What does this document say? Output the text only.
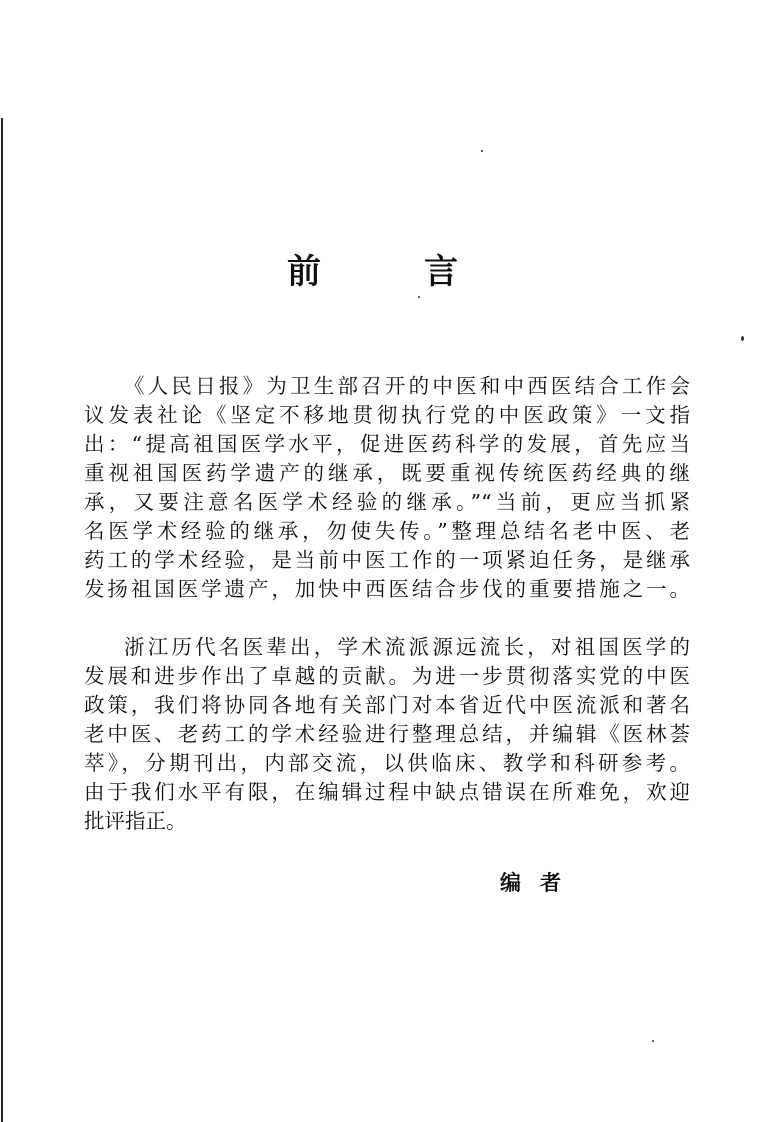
前	言
《人民日报》为卫生部召开的中医和中西医结合工作会
议发表社论《坚定不移地贯彻执行党的中医政策》一文指
出：“提高祖国医学水平，促进医药科学的发展，首先应当
重视祖国医药学遗产的继承，既要重视传统医药经典的继
承，又要注意名医学术经验的继承。”“当前，更应当抓紧
名医学术经验的继承，勿使失传。”整理总结名老中医、老
药工的学术经验，是当前中医工作的一项紧迫任务，是继承
发扬祖国医学遗产，加快中西医结合步伐的重要措施之一。
浙江历代名医辈出，学术流派源远流长，对祖国医学的
发展和进步作出了卓越的贡献。为进一步贯彻落实党的中医
政策，我们将协同各地有关部门对本省近代中医流派和著名
老中医、老药工的学术经验进行整理总结，并编辑《医林荟
萃》，分期刊出，内部交流，以供临床、教学和科研参考。
由于我们水平有限，在编辑过程中缺点错误在所难免，欢迎
批评指正。
编 者
